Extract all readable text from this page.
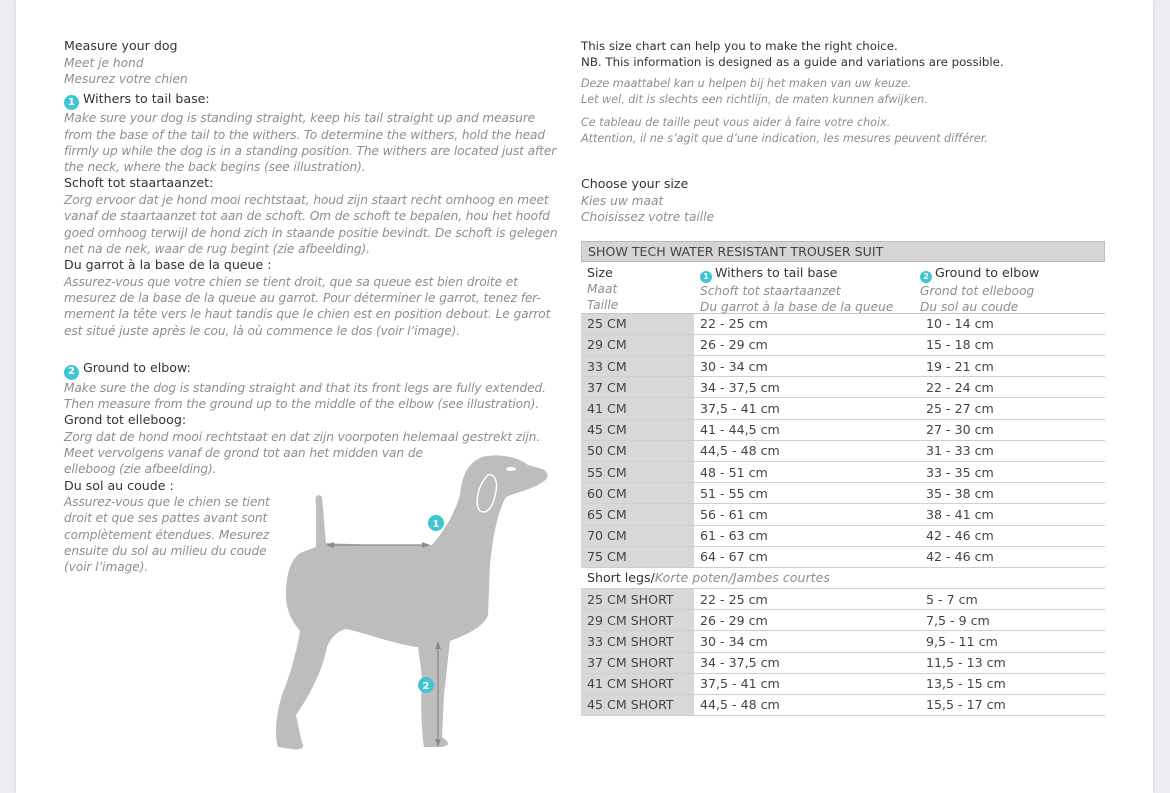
Measure your dog
Meet je hond
Mesurez votre chien
1 Withers to tail base:
Make sure your dog is standing straight, keep his tail straight up and measure from the base of the tail to the withers. To determine the withers, hold the head firmly up while the dog is in a standing position. The withers are located just after the neck, where the back begins (see illustration).
Schoft tot staartaanzet:
Zorg ervoor dat je hond mooi rechtstaat, houd zijn staart recht omhoog en meet vanaf de staartaanzet tot aan de schoft. Om de schoft te bepalen, hou het hoofd goed omhoog terwijl de hond zich in staande positie bevindt. De schoft is gelegen net na de nek, waar de rug begint (zie afbeelding).
Du garrot à la base de la queue :
Assurez-vous que votre chien se tient droit, que sa queue est bien droite et mesurez de la base de la queue au garrot. Pour déterminer le garrot, tenez fer-mement la tête vers le haut tandis que le chien est en position debout. Le garrot est situé juste après le cou, là où commence le dos (voir l’image).
2 Ground to elbow:
Make sure the dog is standing straight and that its front legs are fully extended. Then measure from the ground up to the middle of the elbow (see illustration).
Grond tot elleboog:
Zorg dat de hond mooi rechtstaat en dat zijn voorpoten helemaal gestrekt zijn.
Meet vervolgens vanaf de grond tot aan het midden van de
elleboog (zie afbeelding).
Du sol au coude :
Assurez-vous que le chien se tient
droit et que ses pattes avant sont
complètement étendues. Mesurez
ensuite du sol au milieu du coude
(voir l’image).
1
2
This size chart can help you to make the right choice.
NB. This information is designed as a guide and variations are possible.
Deze maattabel kan u helpen bij het maken van uw keuze.
Let wel, dit is slechts een richtlijn, de maten kunnen afwijken.
Ce tableau de taille peut vous aider à faire votre choix.
Attention, il ne s’agit que d’une indication, les mesures peuvent différer.
Choose your size
Kies uw maat
Choisissez votre taille
SHOW TECH WATER RESISTANT TROUSER SUIT
Size
Maat
Taille
1 Withers to tail base
Schoft tot staartaanzet
Du garrot à la base de la queue
2 Ground to elbow
Grond tot elleboog
Du sol au coude
25 CM	22 - 25 cm	10 - 14 cm
29 CM	26 - 29 cm	15 - 18 cm
33 CM	30 - 34 cm	19 - 21 cm
37 CM	34 - 37,5 cm	22 - 24 cm
41 CM	37,5 - 41 cm	25 - 27 cm
45 CM	41 - 44,5 cm	27 - 30 cm
50 CM	44,5 - 48 cm	31 - 33 cm
55 CM	48 - 51 cm	33 - 35 cm
60 CM	51 - 55 cm	35 - 38 cm
65 CM	56 - 61 cm	38 - 41 cm
70 CM	61 - 63 cm	42 - 46 cm
75 CM	64 - 67 cm	42 - 46 cm
Short legs/ Korte poten/Jambes courtes
25 CM SHORT	22 - 25 cm	5 - 7 cm
29 CM SHORT	26 - 29 cm	7,5 - 9 cm
33 CM SHORT	30 - 34 cm	9,5 - 11 cm
37 CM SHORT	34 - 37,5 cm	11,5 - 13 cm
41 CM SHORT	37,5 - 41 cm	13,5 - 15 cm
45 CM SHORT	44,5 - 48 cm	15,5 - 17 cm
